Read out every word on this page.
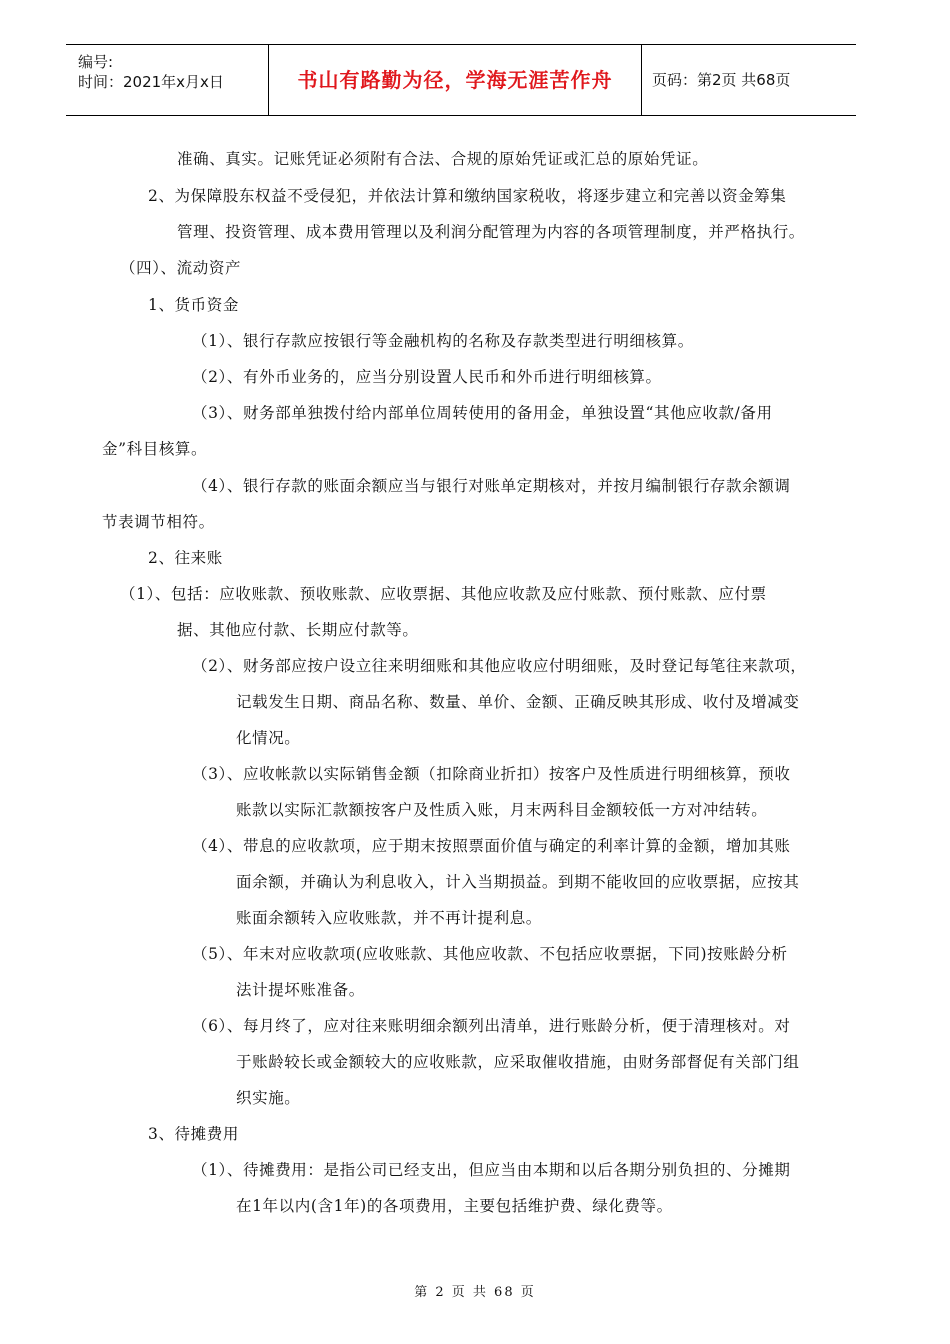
编号:
时间：2021年x月x日	书山有路勤为径，学海无涯苦作舟	页码：第2页 共68页
准确、真实。记账凭证必须附有合法、合规的原始凭证或汇总的原始凭证。
2、为保障股东权益不受侵犯，并依法计算和缴纳国家税收，将逐步建立和完善以资金筹集
管理、投资管理、成本费用管理以及利润分配管理为内容的各项管理制度，并严格执行。
（四）、流动资产
1、货币资金
（1）、银行存款应按银行等金融机构的名称及存款类型进行明细核算。
（2）、有外币业务的，应当分别设置人民币和外币进行明细核算。
（3）、财务部单独拨付给内部单位周转使用的备用金，单独设置“其他应收款/备用
金”科目核算。
（4）、银行存款的账面余额应当与银行对账单定期核对，并按月编制银行存款余额调
节表调节相符。
2、往来账
（1）、包括：应收账款、预收账款、应收票据、其他应收款及应付账款、预付账款、应付票
据、其他应付款、长期应付款等。
（2）、财务部应按户设立往来明细账和其他应收应付明细账，及时登记每笔往来款项，
记载发生日期、商品名称、数量、单价、金额、正确反映其形成、收付及增减变
化情况。
（3）、应收帐款以实际销售金额（扣除商业折扣）按客户及性质进行明细核算，预收
账款以实际汇款额按客户及性质入账，月末两科目金额较低一方对冲结转。
（4）、带息的应收款项，应于期末按照票面价值与确定的利率计算的金额，增加其账
面余额，并确认为利息收入，计入当期损益。到期不能收回的应收票据，应按其
账面余额转入应收账款，并不再计提利息。
（5）、年末对应收款项(应收账款、其他应收款、不包括应收票据，下同)按账龄分析
法计提坏账准备。
（6）、每月终了，应对往来账明细余额列出清单，进行账龄分析，便于清理核对。对
于账龄较长或金额较大的应收账款，应采取催收措施，由财务部督促有关部门组
织实施。
3、待摊费用
（1）、待摊费用：是指公司已经支出，但应当由本期和以后各期分别负担的、分摊期
在1年以内(含1年)的各项费用，主要包括维护费、绿化费等。
第 2 页 共 68 页
